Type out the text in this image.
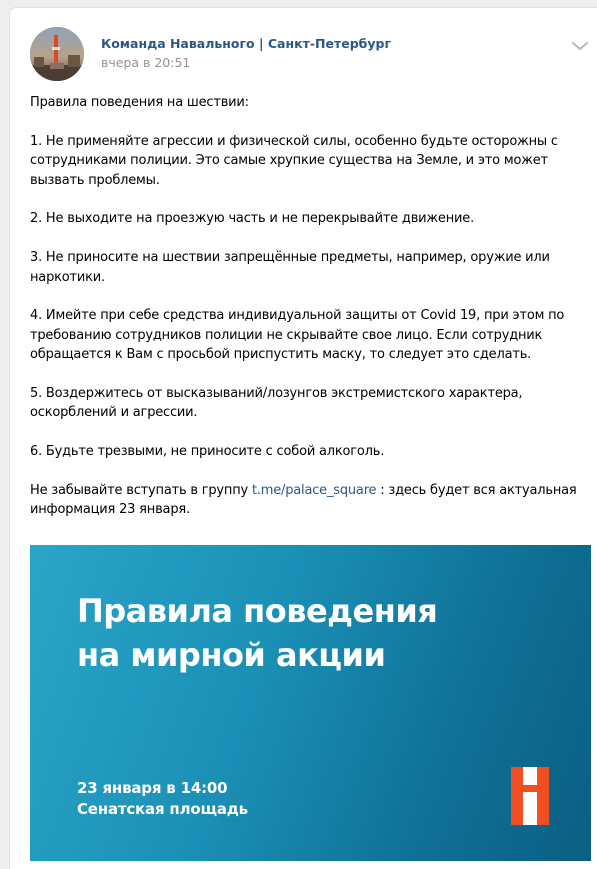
Команда Навального | Санкт-Петербург
вчера в 20:51

Правила поведения на шествии:

1. Не применяйте агрессии и физической силы, особенно будьте осторожны с
сотрудниками полиции. Это самые хрупкие существа на Земле, и это может
вызвать проблемы.

2. Не выходите на проезжую часть и не перекрывайте движение.

3. Не приносите на шествии запрещённые предметы, например, оружие или
наркотики.

4. Имейте при себе средства индивидуальной защиты от Covid 19, при этом по
требованию сотрудников полиции не скрывайте свое лицо. Если сотрудник
обращается к Вам с просьбой приспустить маску, то следует это сделать.

5. Воздержитесь от высказываний/лозунгов экстремистского характера,
оскорблений и агрессии.

6. Будьте трезвыми, не приносите с собой алкоголь.

Не забывайте вступать в группу t.me/palace_square : здесь будет вся актуальная
информация 23 января.

Правила поведения
на мирной акции
23 января в 14:00
Сенатская площадь
